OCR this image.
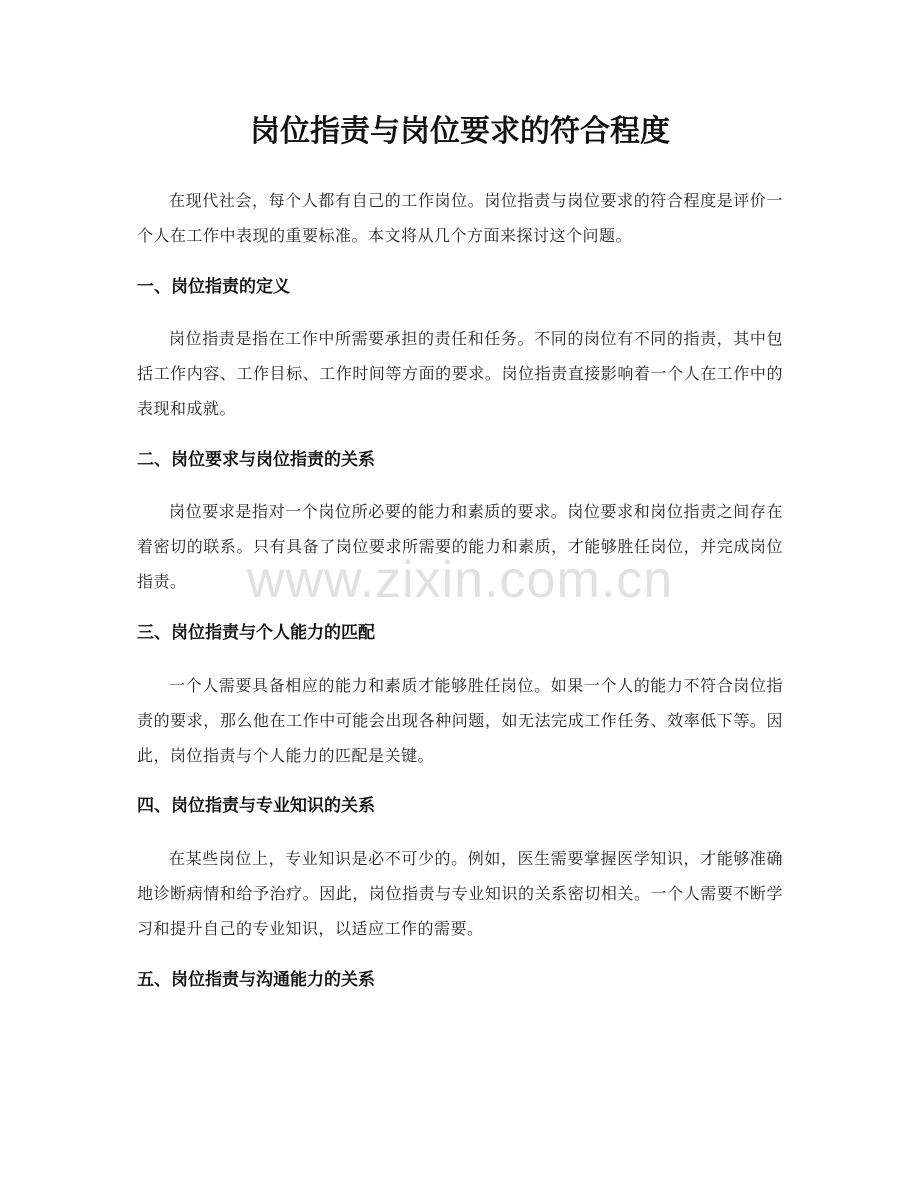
岗位指责与岗位要求的符合程度

在现代社会，每个人都有自己的工作岗位。岗位指责与岗位要求的符合程度是评价一个人在工作中表现的重要标准。本文将从几个方面来探讨这个问题。

一、岗位指责的定义

岗位指责是指在工作中所需要承担的责任和任务。不同的岗位有不同的指责，其中包括工作内容、工作目标、工作时间等方面的要求。岗位指责直接影响着一个人在工作中的表现和成就。

二、岗位要求与岗位指责的关系

岗位要求是指对一个岗位所必要的能力和素质的要求。岗位要求和岗位指责之间存在着密切的联系。只有具备了岗位要求所需要的能力和素质，才能够胜任岗位，并完成岗位指责。

三、岗位指责与个人能力的匹配

一个人需要具备相应的能力和素质才能够胜任岗位。如果一个人的能力不符合岗位指责的要求，那么他在工作中可能会出现各种问题，如无法完成工作任务、效率低下等。因此，岗位指责与个人能力的匹配是关键。

四、岗位指责与专业知识的关系

在某些岗位上，专业知识是必不可少的。例如，医生需要掌握医学知识，才能够准确地诊断病情和给予治疗。因此，岗位指责与专业知识的关系密切相关。一个人需要不断学习和提升自己的专业知识，以适应工作的需要。

五、岗位指责与沟通能力的关系
www.zixin.com.cn
